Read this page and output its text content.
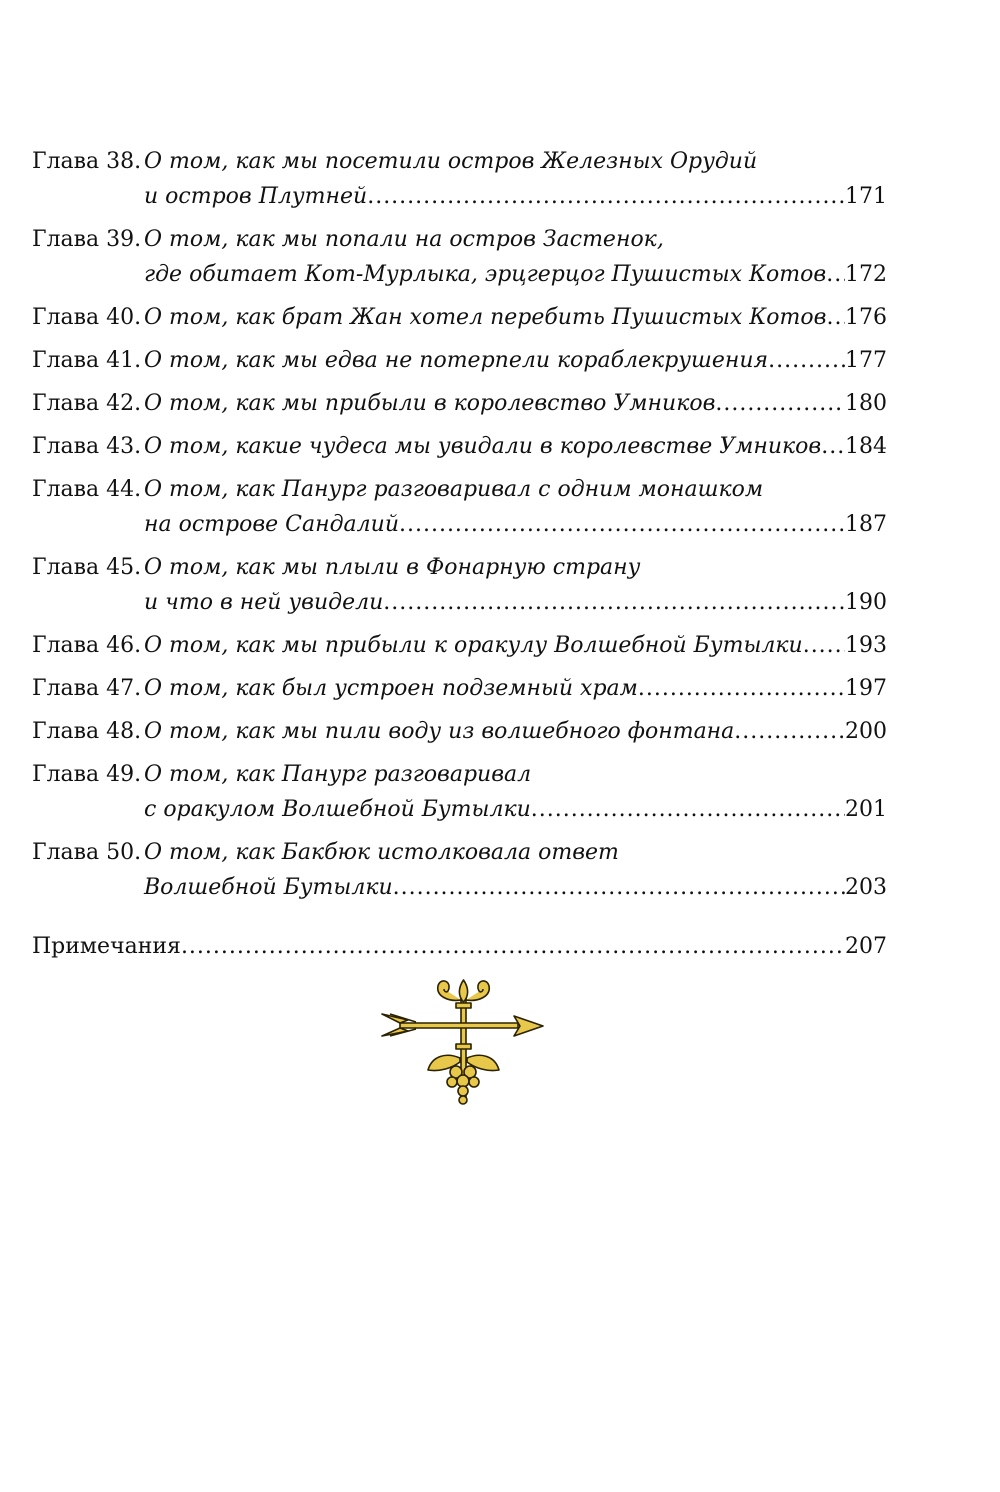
Глава 38. О том, как мы посетили остров Железных Орудий
и остров Плутней . . .	171
Глава 39. О том, как мы попали на остров Застенок,
где обитает Кот-Мурлыка, эрцгерцог Пушистых Котов . . . 172
Глава 40. О том, как брат Жан хотел перебить Пушистых Котов . . . 176
Глава 41. О том, как мы едва не потерпели кораблекрушения . . .	177
Глава 42. О том, как мы прибыли в королевство Умников . . .	180
Глава 43. О том, какие чудеса мы увидали в королевстве Умников . . . 184
Глава 44. О том, как Панург разговаривал с одним монашком
на острове Сандалий . . .	187
Глава 45. О том, как мы плыли в Фонарную страну
и что в ней увидели . . .	190
Глава 46. О том, как мы прибыли к оракулу Волшебной Бутылки . . . 193
Глава 47. О том, как был устроен подземный храм . . .	197
Глава 48. О том, как мы пили воду из волшебного фонтана . . .	200
Глава 49. О том, как Панург разговаривал
с оракулом Волшебной Бутылки . . .	201
Глава 50. О том, как Бакбюк истолковала ответ
Волшебной Бутылки . . .	203
Примечания . . .	207
